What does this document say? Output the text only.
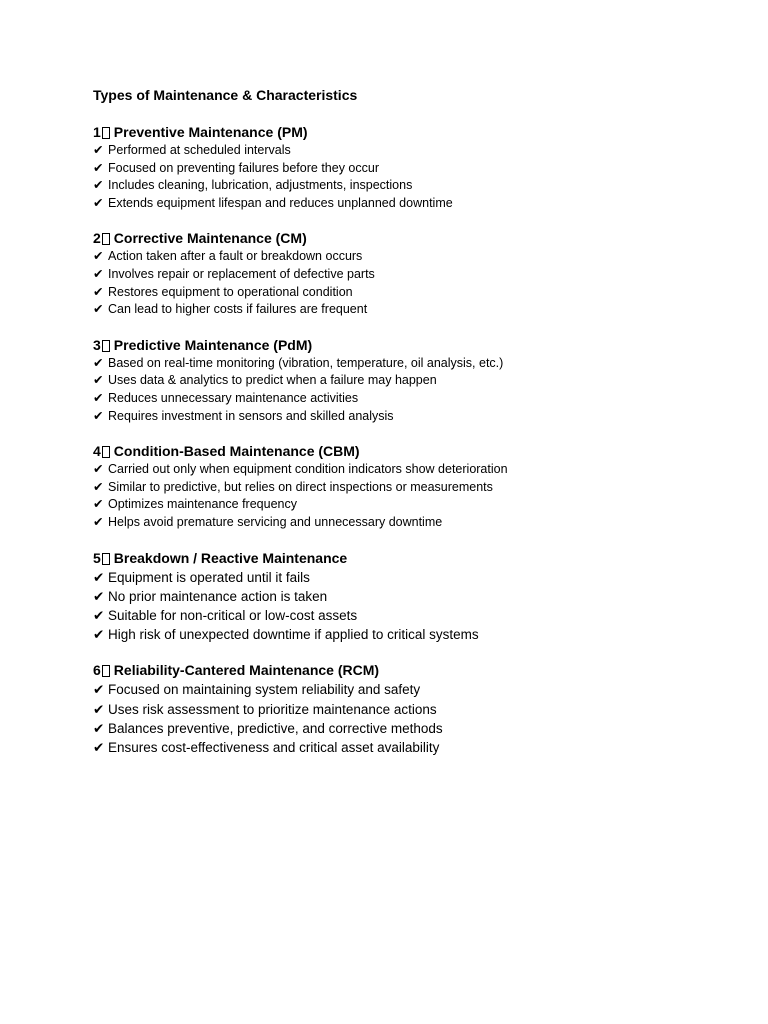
Types of Maintenance & Characteristics
1 Preventive Maintenance (PM)
✔ Performed at scheduled intervals
✔ Focused on preventing failures before they occur
✔ Includes cleaning, lubrication, adjustments, inspections
✔ Extends equipment lifespan and reduces unplanned downtime
2 Corrective Maintenance (CM)
✔ Action taken after a fault or breakdown occurs
✔ Involves repair or replacement of defective parts
✔ Restores equipment to operational condition
✔ Can lead to higher costs if failures are frequent
3 Predictive Maintenance (PdM)
✔ Based on real-time monitoring (vibration, temperature, oil analysis, etc.)
✔ Uses data & analytics to predict when a failure may happen
✔ Reduces unnecessary maintenance activities
✔ Requires investment in sensors and skilled analysis
4 Condition-Based Maintenance (CBM)
✔ Carried out only when equipment condition indicators show deterioration
✔ Similar to predictive, but relies on direct inspections or measurements
✔ Optimizes maintenance frequency
✔ Helps avoid premature servicing and unnecessary downtime
5 Breakdown / Reactive Maintenance
✔ Equipment is operated until it fails
✔ No prior maintenance action is taken
✔ Suitable for non-critical or low-cost assets
✔ High risk of unexpected downtime if applied to critical systems
6 Reliability-Cantered Maintenance (RCM)
✔ Focused on maintaining system reliability and safety
✔ Uses risk assessment to prioritize maintenance actions
✔ Balances preventive, predictive, and corrective methods
✔ Ensures cost-effectiveness and critical asset availability
